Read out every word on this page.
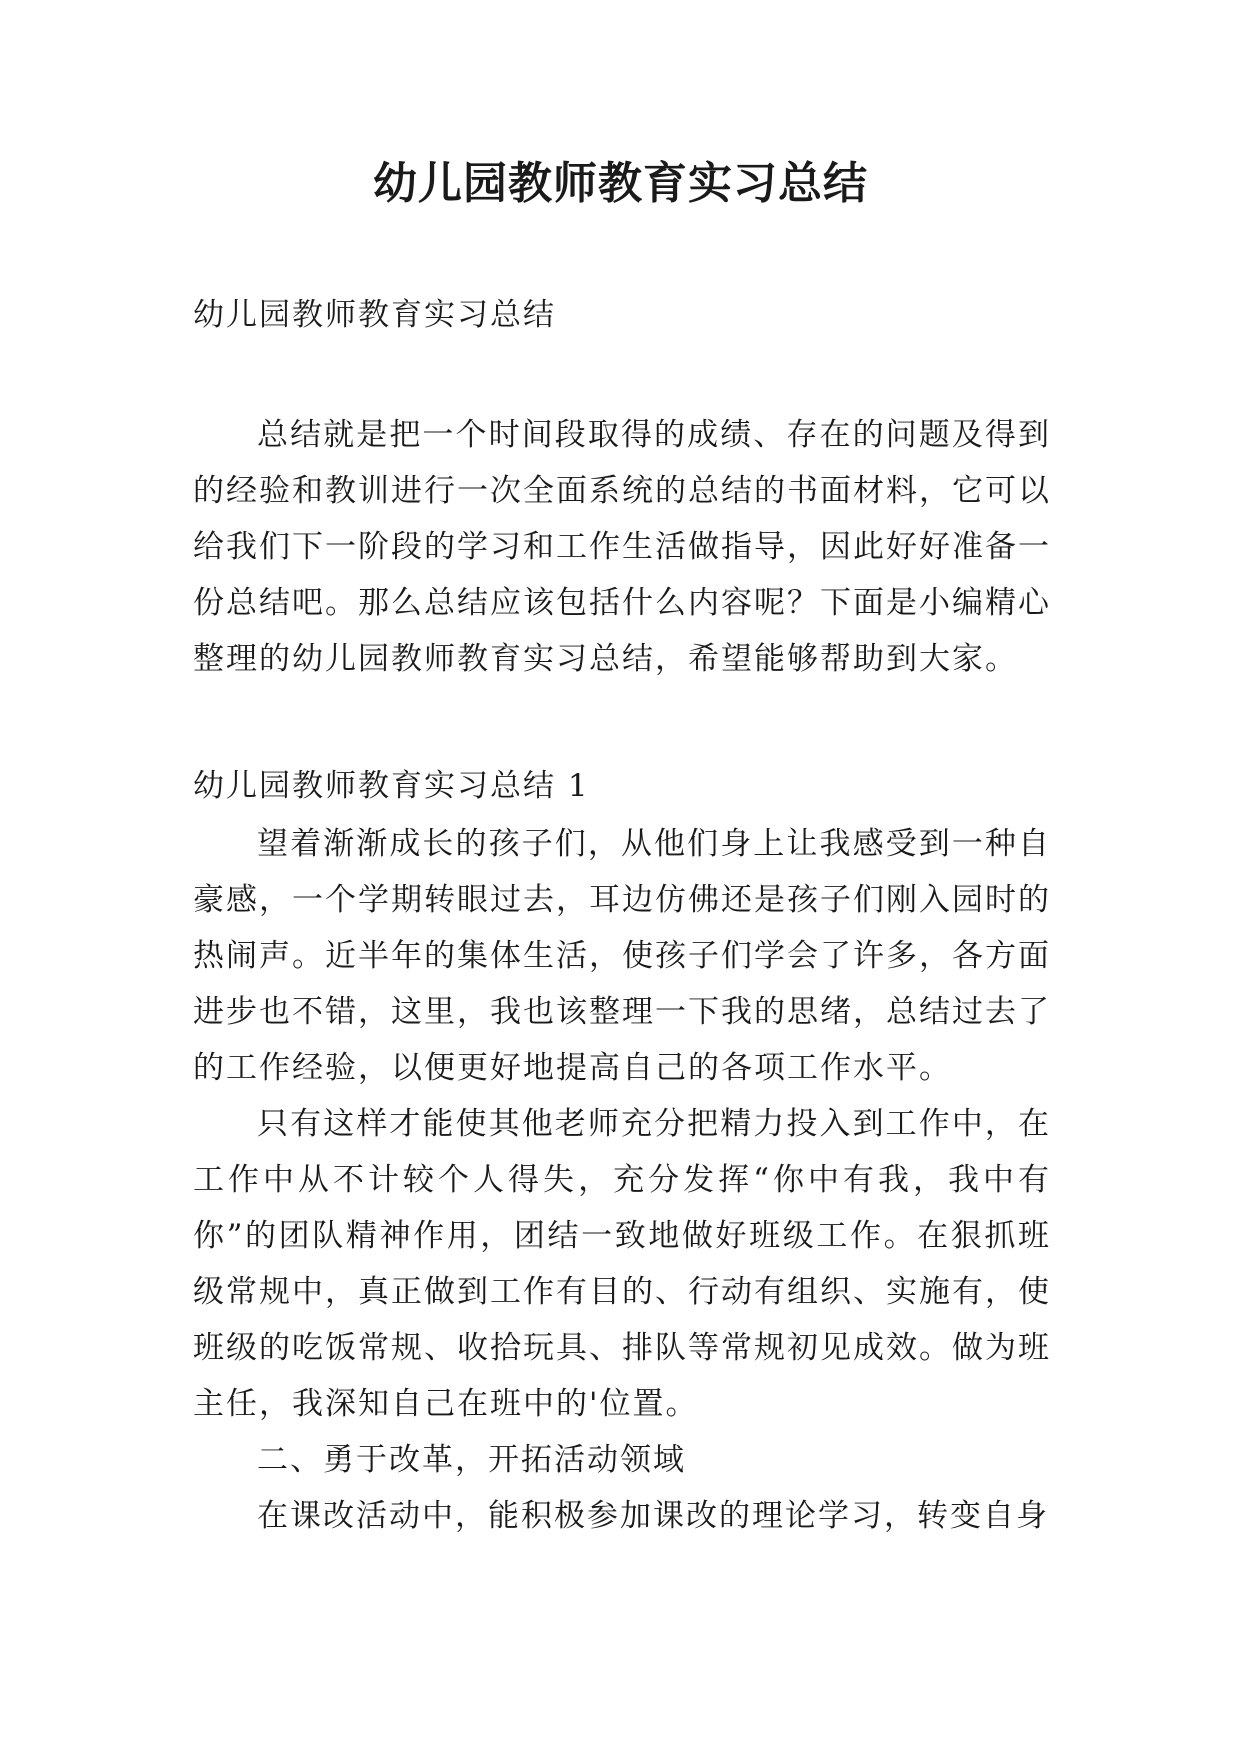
幼儿园教师教育实习总结
幼儿园教师教育实习总结

总结就是把一个时间段取得的成绩、存在的问题及得到的经验和教训进行一次全面系统的总结的书面材料，它可以给我们下一阶段的学习和工作生活做指导，因此好好准备一份总结吧。那么总结应该包括什么内容呢？下面是小编精心整理的幼儿园教师教育实习总结，希望能够帮助到大家。

幼儿园教师教育实习总结 1

望着渐渐成长的孩子们，从他们身上让我感受到一种自豪感，一个学期转眼过去，耳边仿佛还是孩子们刚入园时的热闹声。近半年的集体生活，使孩子们学会了许多，各方面进步也不错，这里，我也该整理一下我的思绪，总结过去了的工作经验，以便更好地提高自己的各项工作水平。

只有这样才能使其他老师充分把精力投入到工作中，在工作中从不计较个人得失，充分发挥“你中有我，我中有你”的团队精神作用，团结一致地做好班级工作。在狠抓班级常规中，真正做到工作有目的、行动有组织、实施有，使班级的吃饭常规、收拾玩具、排队等常规初见成效。做为班主任，我深知自己在班中的'位置。

二、勇于改革，开拓活动领域

在课改活动中，能积极参加课改的理论学习，转变自身
